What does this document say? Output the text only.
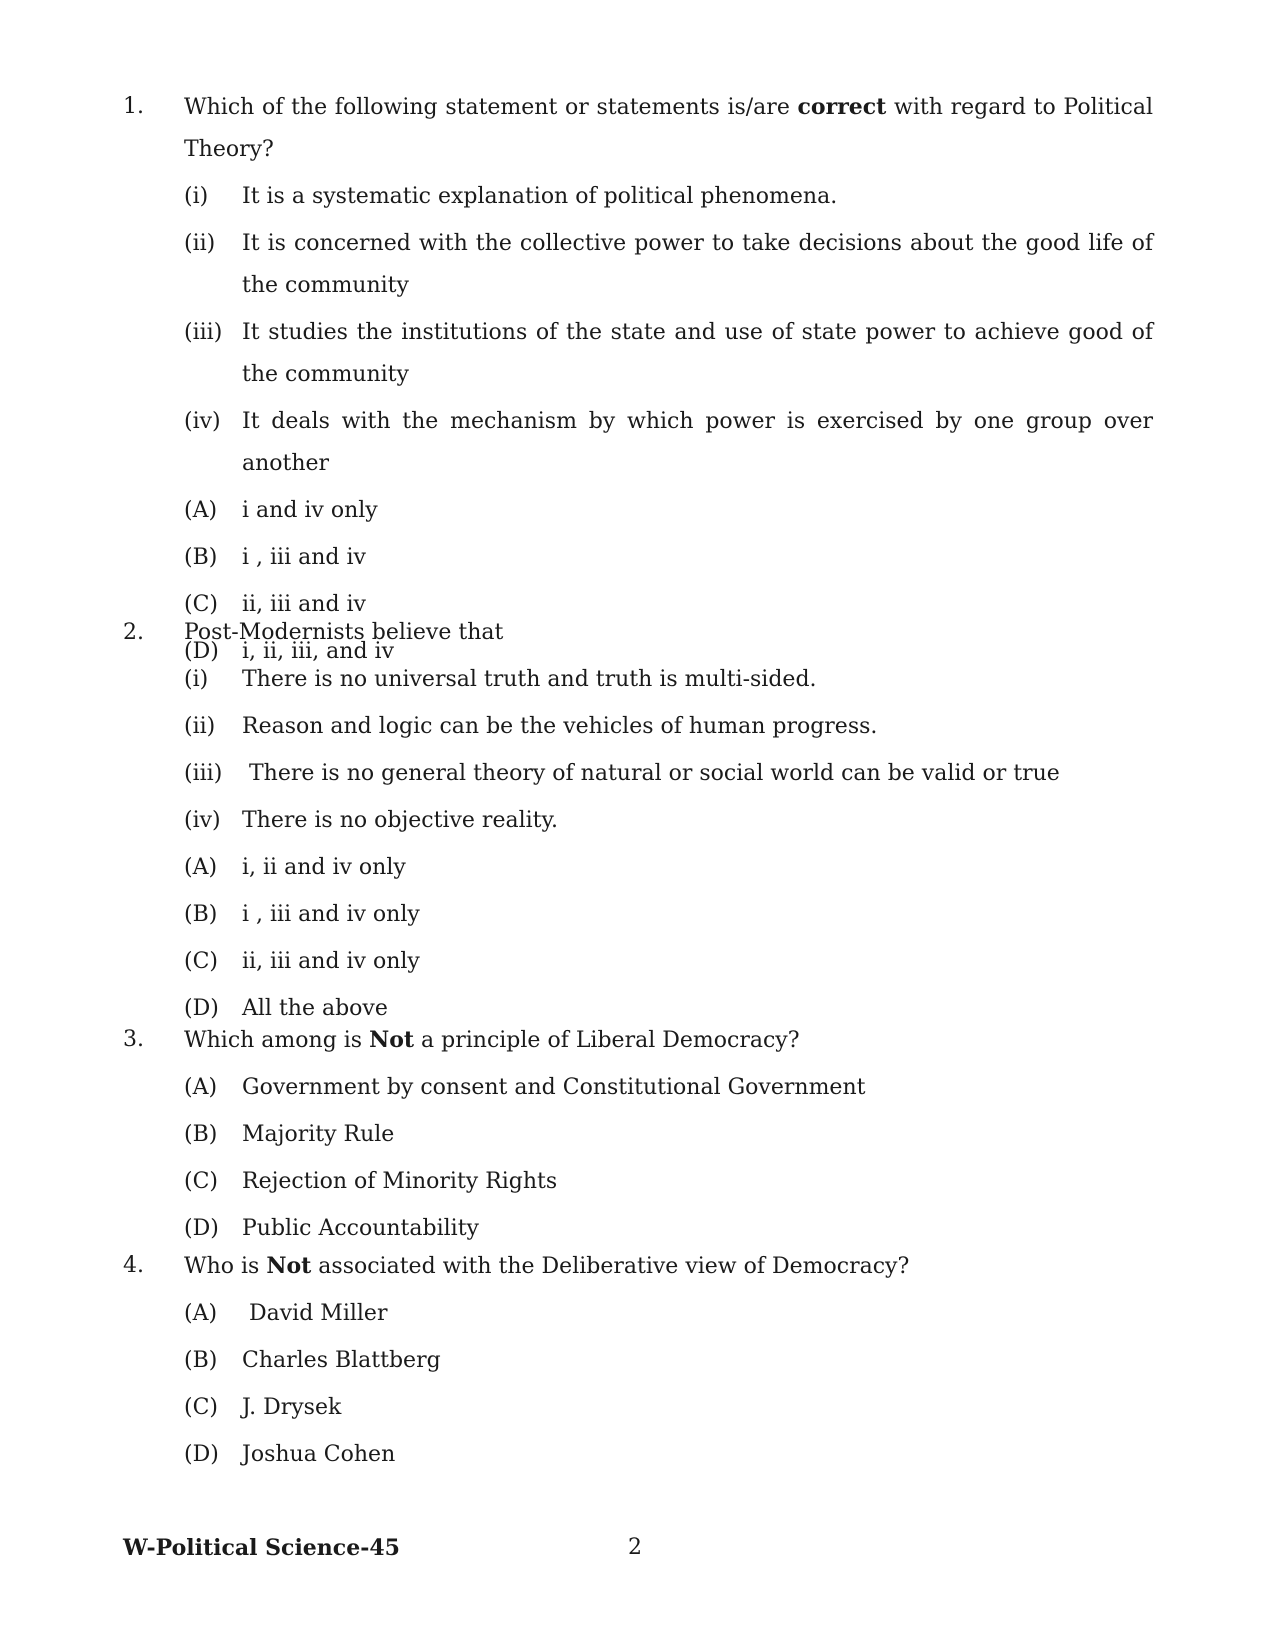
1. Which of the following statement or statements is/are correct with regard to Political Theory?
(i)	It is a systematic explanation of political phenomena.
(ii)	It is concerned with the collective power to take decisions about the good life of the community
(iii) It studies the institutions of the state and use of state power to achieve good of the community
(iv) It deals with the mechanism by which power is exercised by one group over another
(A)	i and iv only
(B)	i , iii and iv
(C)	ii, iii and iv
(D)	i, ii, iii, and iv
2. Post-Modernists believe that
(i)	There is no universal truth and truth is multi-sided.
(ii)	Reason and logic can be the vehicles of human progress.
(iii) There is no general theory of natural or social world can be valid or true
(iv) There is no objective reality.
(A)	i, ii and iv only
(B)	i , iii and iv only
(C)	ii, iii and iv only
(D)	All the above
3. Which among is Not a principle of Liberal Democracy?
(A)	Government by consent and Constitutional Government
(B)	Majority Rule
(C)	Rejection of Minority Rights
(D)	Public Accountability
4. Who is Not associated with the Deliberative view of Democracy?
(A)	David Miller
(B)	Charles Blattberg
(C)	J. Drysek
(D)	Joshua Cohen
W-Political Science-45	2
